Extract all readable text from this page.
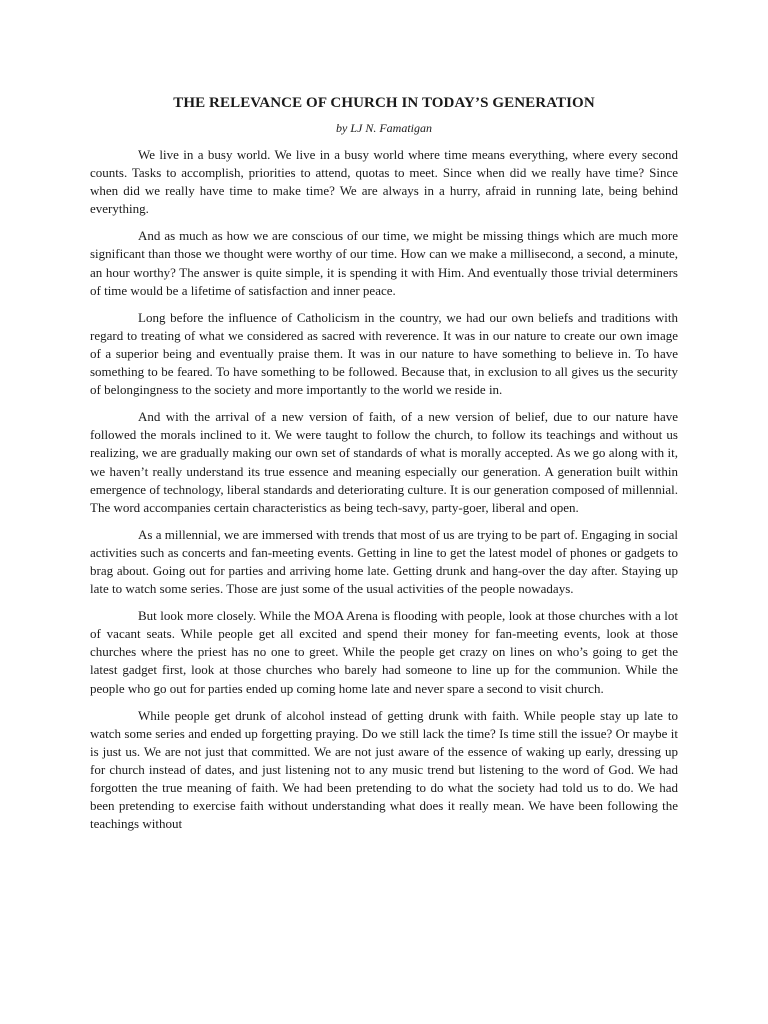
THE RELEVANCE OF CHURCH IN TODAY’S GENERATION
by LJ N. Famatigan

We live in a busy world. We live in a busy world where time means everything, where every second counts. Tasks to accomplish, priorities to attend, quotas to meet. Since when did we really have time? Since when did we really have time to make time? We are always in a hurry, afraid in running late, being behind everything.

And as much as how we are conscious of our time, we might be missing things which are much more significant than those we thought were worthy of our time. How can we make a millisecond, a second, a minute, an hour worthy? The answer is quite simple, it is spending it with Him. And eventually those trivial determiners of time would be a lifetime of satisfaction and inner peace.

Long before the influence of Catholicism in the country, we had our own beliefs and traditions with regard to treating of what we considered as sacred with reverence. It was in our nature to create our own image of a superior being and eventually praise them. It was in our nature to have something to believe in. To have something to be feared. To have something to be followed. Because that, in exclusion to all gives us the security of belongingness to the society and more importantly to the world we reside in.

And with the arrival of a new version of faith, of a new version of belief, due to our nature have followed the morals inclined to it. We were taught to follow the church, to follow its teachings and without us realizing, we are gradually making our own set of standards of what is morally accepted. As we go along with it, we haven’t really understand its true essence and meaning especially our generation. A generation built within emergence of technology, liberal standards and deteriorating culture. It is our generation composed of millennial. The word accompanies certain characteristics as being tech-savy, party-goer, liberal and open.

As a millennial, we are immersed with trends that most of us are trying to be part of. Engaging in social activities such as concerts and fan-meeting events. Getting in line to get the latest model of phones or gadgets to brag about. Going out for parties and arriving home late. Getting drunk and hang-over the day after. Staying up late to watch some series. Those are just some of the usual activities of the people nowadays.

But look more closely. While the MOA Arena is flooding with people, look at those churches with a lot of vacant seats. While people get all excited and spend their money for fan-meeting events, look at those churches where the priest has no one to greet. While the people get crazy on lines on who’s going to get the latest gadget first, look at those churches who barely had someone to line up for the communion. While the people who go out for parties ended up coming home late and never spare a second to visit church.

While people get drunk of alcohol instead of getting drunk with faith. While people stay up late to watch some series and ended up forgetting praying. Do we still lack the time? Is time still the issue? Or maybe it is just us. We are not just that committed. We are not just aware of the essence of waking up early, dressing up for church instead of dates, and just listening not to any music trend but listening to the word of God. We had forgotten the true meaning of faith. We had been pretending to do what the society had told us to do. We had been pretending to exercise faith without understanding what does it really mean. We have been following the teachings without
